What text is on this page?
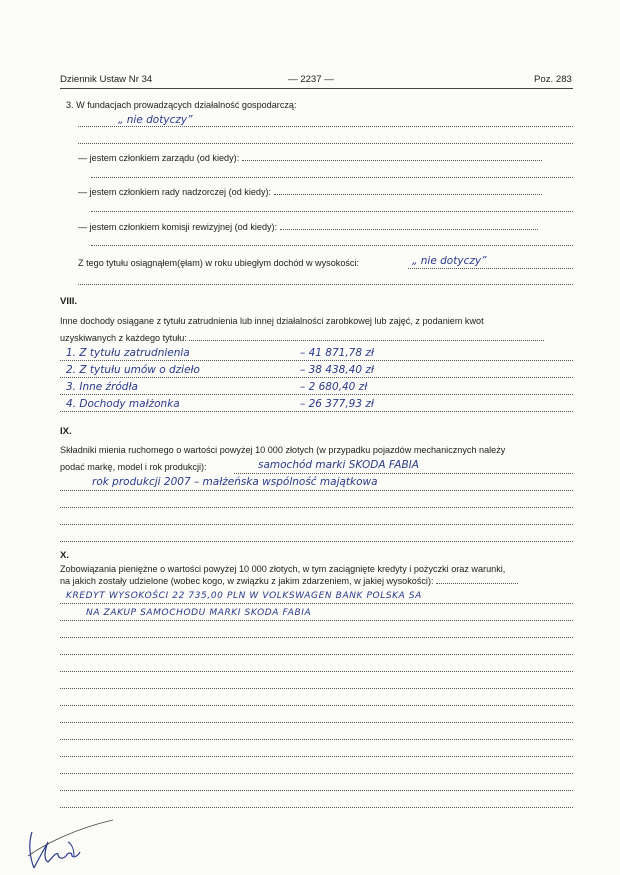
Dziennik Ustaw Nr 34	— 2237 —	Poz. 283
3. W fundacjach prowadzących działalność gospodarczą:
„ nie dotyczy”
— jestem członkiem zarządu (od kiedy):
— jestem członkiem rady nadzorczej (od kiedy):
— jestem członkiem komisji rewizyjnej (od kiedy):
Z tego tytułu osiągnąłem(ęłam) w roku ubiegłym dochód w wysokości:	„ nie dotyczy”
VIII.
Inne dochody osiągane z tytułu zatrudnienia lub innej działalności zarobkowej lub zajęć, z podaniem kwot
uzyskiwanych z każdego tytułu:
1. Z tytułu zatrudnienia	– 41 871,78 zł
2. Z tytułu umów o dzieło	– 38 438,40 zł
3. Inne źródła	– 2 680,40 zł
4. Dochody małżonka	– 26 377,93 zł
IX.
Składniki mienia ruchomego o wartości powyżej 10 000 złotych (w przypadku pojazdów mechanicznych należy
podać markę, model i rok produkcji):	samochód marki SKODA FABIA
rok produkcji 2007 – małżeńska wspólność majątkowa
X.
Zobowiązania pieniężne o wartości powyżej 10 000 złotych, w tym zaciągnięte kredyty i pożyczki oraz warunki,
na jakich zostały udzielone (wobec kogo, w związku z jakim zdarzeniem, w jakiej wysokości):
KREDYT WYSOKOŚCI 22 735,00 PLN W VOLKSWAGEN BANK POLSKA SA
NA ZAKUP SAMOCHODU MARKI SKODA FABIA
